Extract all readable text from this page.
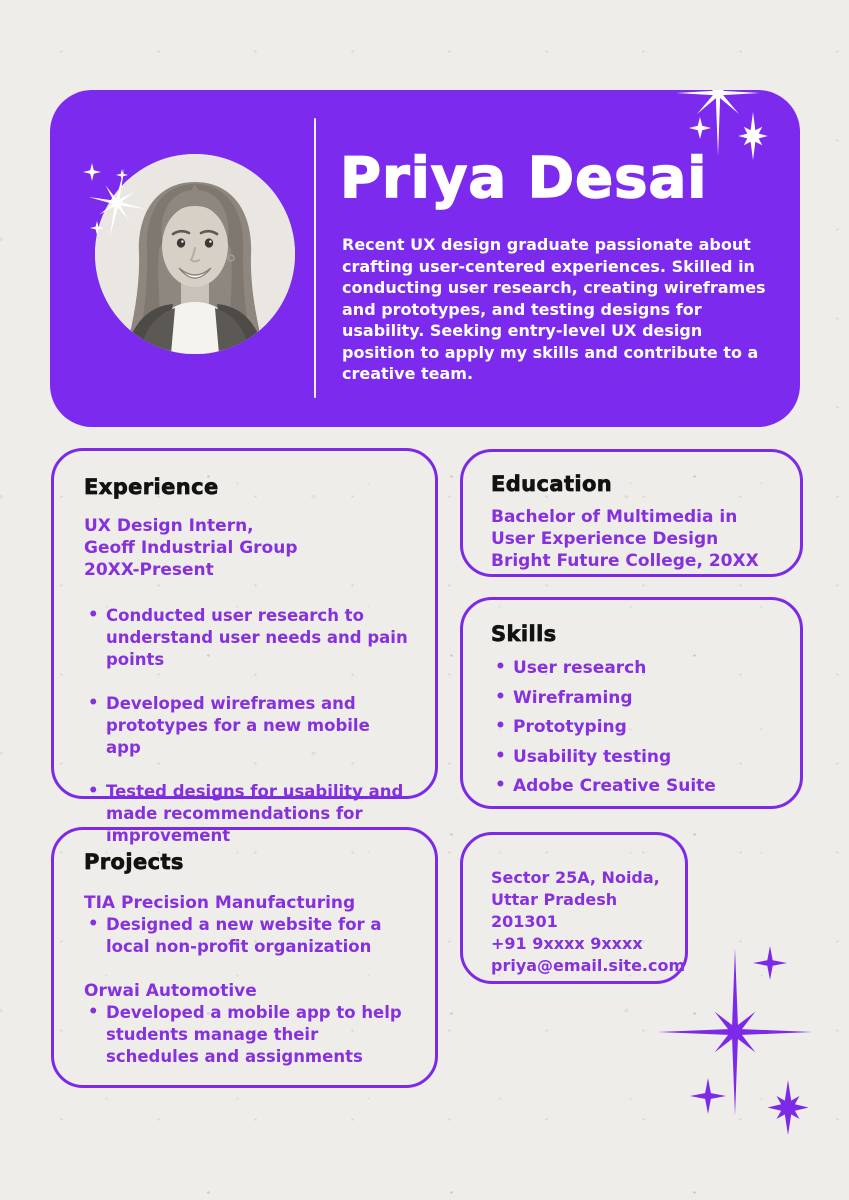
Priya Desai
Recent UX design graduate passionate about crafting user-centered experiences. Skilled in conducting user research, creating wireframes and prototypes, and testing designs for usability. Seeking entry-level UX design position to apply my skills and contribute to a creative team.
Experience
UX Design Intern,
Geoff Industrial Group
20XX-Present
• Conducted user research to understand user needs and pain points
• Developed wireframes and prototypes for a new mobile app
• Tested designs for usability and made recommendations for improvement
Education
Bachelor of Multimedia in User Experience Design
Bright Future College, 20XX
Skills
• User research
• Wireframing
• Prototyping
• Usability testing
• Adobe Creative Suite
Projects
TIA Precision Manufacturing
• Designed a new website for a local non-profit organization
Orwai Automotive
• Developed a mobile app to help students manage their schedules and assignments
Sector 25A, Noida,
Uttar Pradesh 201301
+91 9xxxx 9xxxx
priya@email.site.com
